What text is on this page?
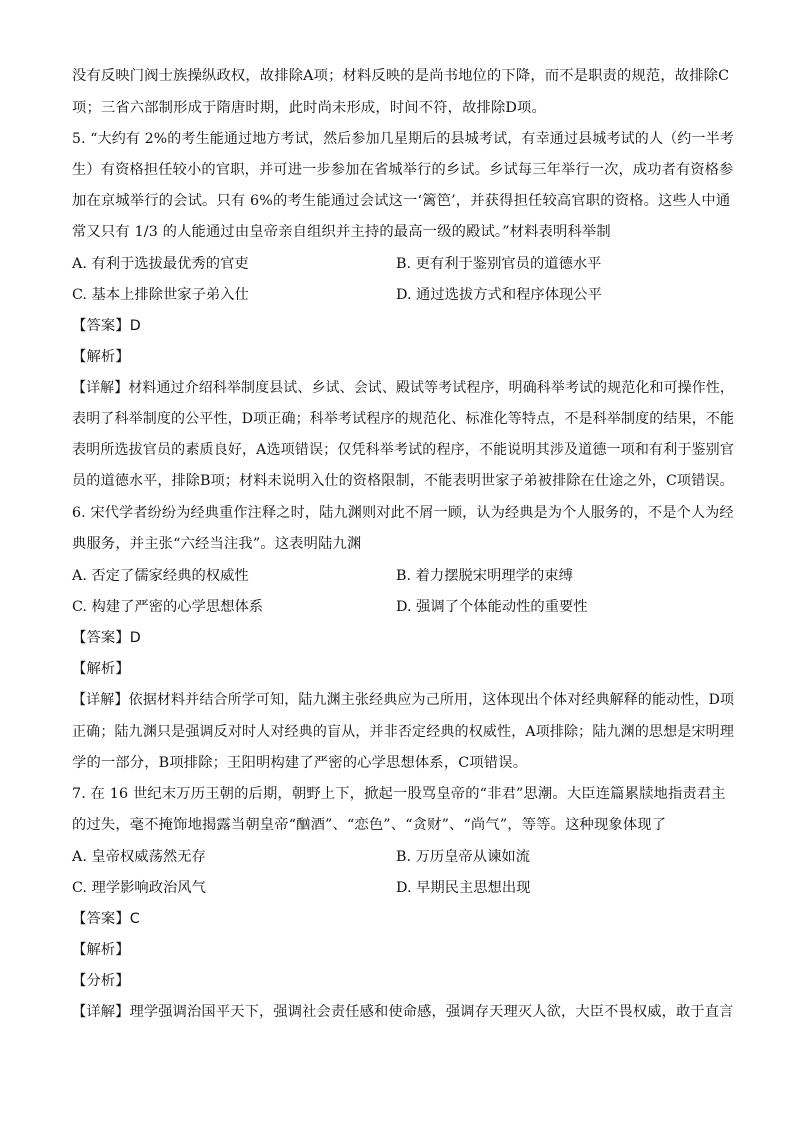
没有反映门阀士族操纵政权，故排除A项；材料反映的是尚书地位的下降，而不是职责的规范，故排除C
项；三省六部制形成于隋唐时期，此时尚未形成，时间不符，故排除D项。
5. “大约有 2%的考生能通过地方考试，然后参加几星期后的县城考试，有幸通过县城考试的人（约一半考
生）有资格担任较小的官职，并可进一步参加在省城举行的乡试。乡试每三年举行一次，成功者有资格参
加在京城举行的会试。只有 6%的考生能通过会试这一‘篱笆’，并获得担任较高官职的资格。这些人中通
常又只有 1/3 的人能通过由皇帝亲自组织并主持的最高一级的殿试。”材料表明科举制
A. 有利于选拔最优秀的官吏	B. 更有利于鉴别官员的道德水平
C. 基本上排除世家子弟入仕	D. 通过选拔方式和程序体现公平
【答案】D
【解析】
【详解】材料通过介绍科举制度县试、乡试、会试、殿试等考试程序，明确科举考试的规范化和可操作性，
表明了科举制度的公平性，D项正确；科举考试程序的规范化、标准化等特点，不是科举制度的结果，不能
表明所选拔官员的素质良好，A选项错误；仅凭科举考试的程序，不能说明其涉及道德一项和有利于鉴别官
员的道德水平，排除B项；材料未说明入仕的资格限制，不能表明世家子弟被排除在仕途之外，C项错误。
6. 宋代学者纷纷为经典重作注释之时，陆九渊则对此不屑一顾，认为经典是为个人服务的，不是个人为经
典服务，并主张“六经当注我”。这表明陆九渊
A. 否定了儒家经典的权威性	B. 着力摆脱宋明理学的束缚
C. 构建了严密的心学思想体系	D. 强调了个体能动性的重要性
【答案】D
【解析】
【详解】依据材料并结合所学可知，陆九渊主张经典应为己所用，这体现出个体对经典解释的能动性，D项
正确；陆九渊只是强调反对时人对经典的盲从，并非否定经典的权威性，A项排除；陆九渊的思想是宋明理
学的一部分，B项排除；王阳明构建了严密的心学思想体系，C项错误。
7. 在 16 世纪末万历王朝的后期，朝野上下，掀起一股骂皇帝的“非君”思潮。大臣连篇累牍地指责君主
的过失，毫不掩饰地揭露当朝皇帝“酗酒”、“恋色”、“贪财”、“尚气”，等等。这种现象体现了
A. 皇帝权威荡然无存	B. 万历皇帝从谏如流
C. 理学影响政治风气	D. 早期民主思想出现
【答案】C
【解析】
【分析】
【详解】理学强调治国平天下，强调社会责任感和使命感，强调存天理灭人欲，大臣不畏权威，敢于直言
